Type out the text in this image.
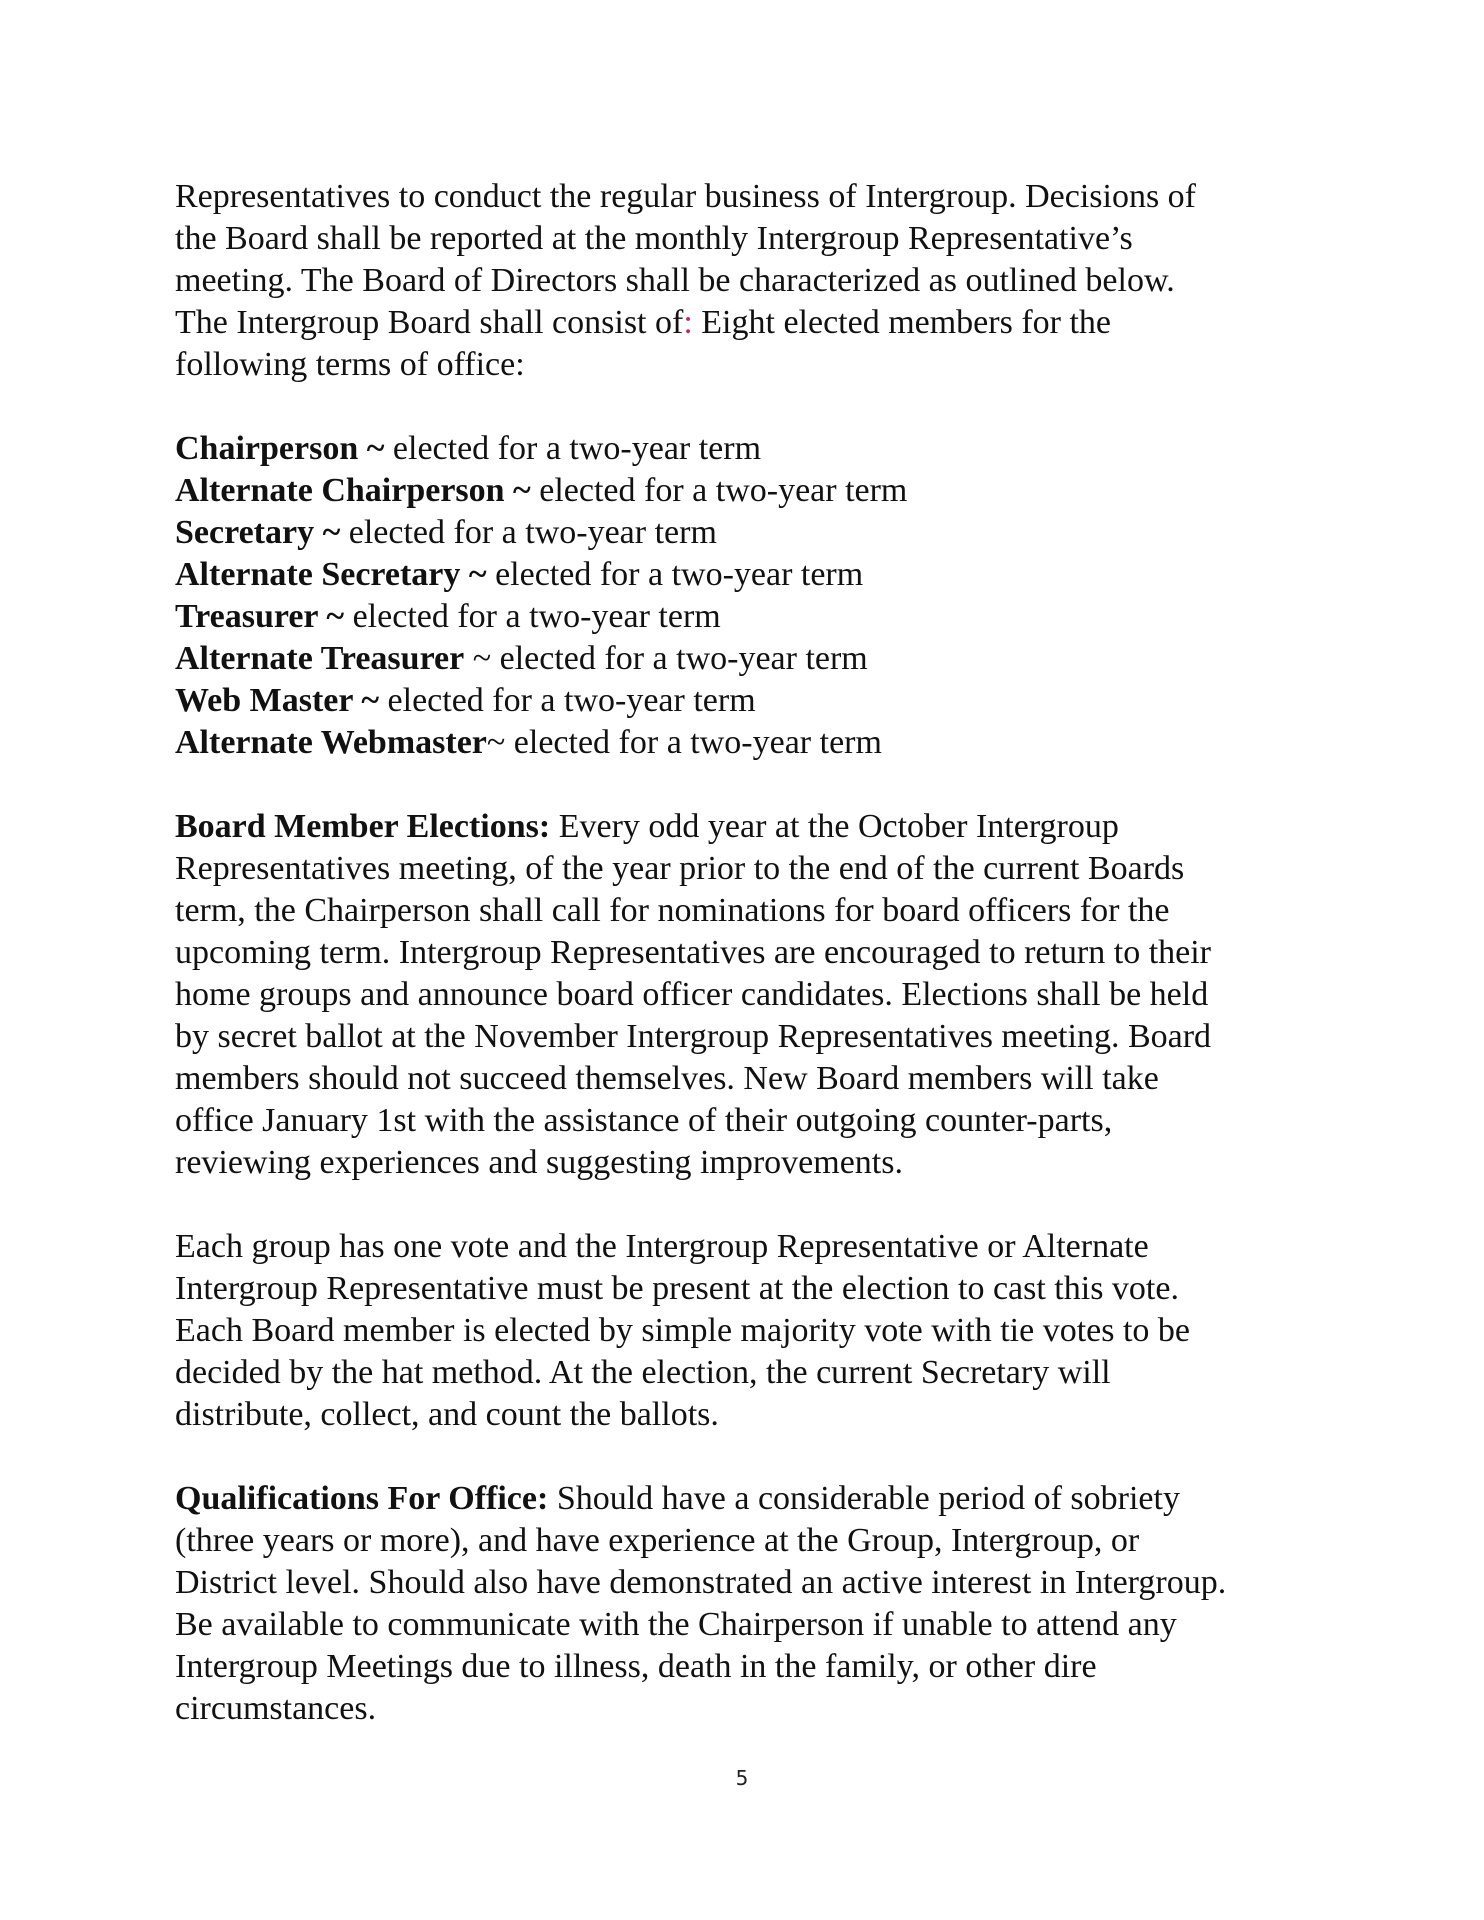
Representatives to conduct the regular business of Intergroup. Decisions of
the Board shall be reported at the monthly Intergroup Representative’s
meeting. The Board of Directors shall be characterized as outlined below.
The Intergroup Board shall consist of: Eight elected members for the
following terms of office:
Chairperson ~ elected for a two-year term
Alternate Chairperson ~ elected for a two-year term
Secretary ~ elected for a two-year term
Alternate Secretary ~ elected for a two-year term
Treasurer ~ elected for a two-year term
Alternate Treasurer ~ elected for a two-year term
Web Master ~ elected for a two-year term
Alternate Webmaster~ elected for a two-year term
Board Member Elections: Every odd year at the October Intergroup
Representatives meeting, of the year prior to the end of the current Boards
term, the Chairperson shall call for nominations for board officers for the
upcoming term. Intergroup Representatives are encouraged to return to their
home groups and announce board officer candidates. Elections shall be held
by secret ballot at the November Intergroup Representatives meeting. Board
members should not succeed themselves. New Board members will take
office January 1st with the assistance of their outgoing counter-parts,
reviewing experiences and suggesting improvements.
Each group has one vote and the Intergroup Representative or Alternate
Intergroup Representative must be present at the election to cast this vote.
Each Board member is elected by simple majority vote with tie votes to be
decided by the hat method. At the election, the current Secretary will
distribute, collect, and count the ballots.
Qualifications For Office: Should have a considerable period of sobriety
(three years or more), and have experience at the Group, Intergroup, or
District level. Should also have demonstrated an active interest in Intergroup.
Be available to communicate with the Chairperson if unable to attend any
Intergroup Meetings due to illness, death in the family, or other dire
circumstances.
5
